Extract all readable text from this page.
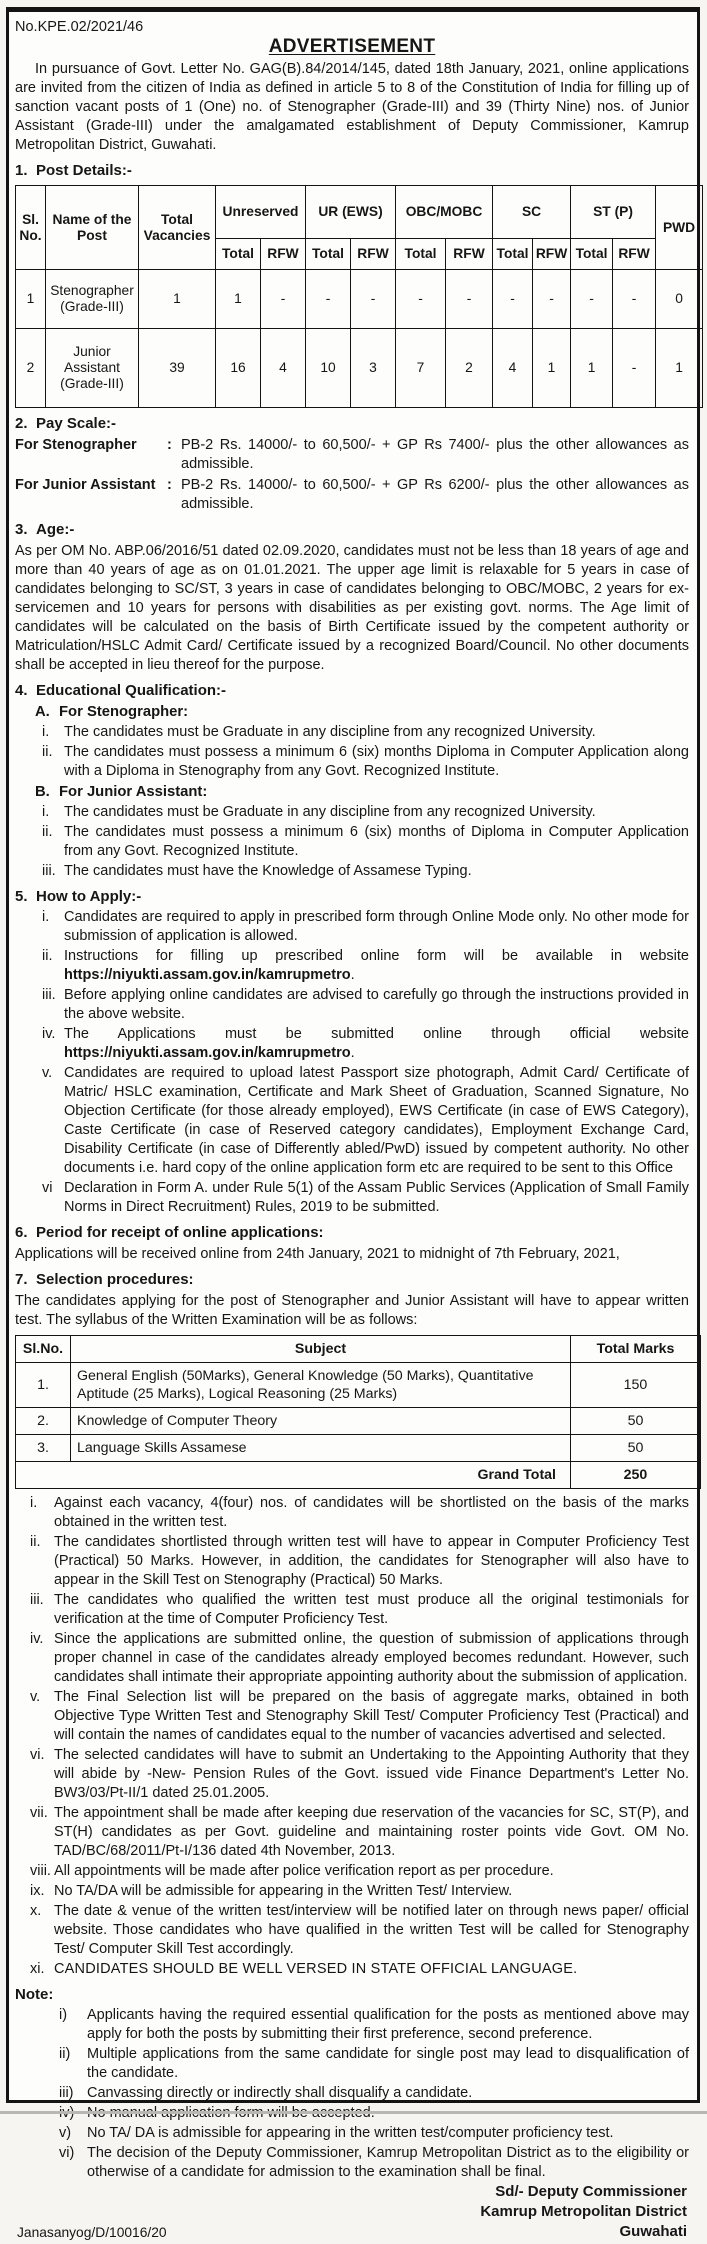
No.KPE.02/2021/46
ADVERTISEMENT

In pursuance of Govt. Letter No. GAG(B).84/2014/145, dated 18th January, 2021, online applications are invited from the citizen of India as defined in article 5 to 8 of the Constitution of India for filling up of sanction vacant posts of 1 (One) no. of Stenographer (Grade-III) and 39 (Thirty Nine) nos. of Junior Assistant (Grade-III) under the amalgamated establishment of Deputy Commissioner, Kamrup Metropolitan District, Guwahati.

1. Post Details:-
Sl. No.	Name of the Post	Total Vacancies	Unreserved		UR (EWS)		OBC/MOBC		SC		ST (P)		PWD
			Total	RFW	Total	RFW	Total	RFW	Total	RFW	Total	RFW	
1	Stenographer (Grade-III)	1	1	-	-	-	-	-	-	-	-	-	0
2	Junior Assistant (Grade-III)	39	16	4	10	3	7	2	4	1	1	-	1
2. Pay Scale:-
For Stenographer	: PB-2 Rs. 14000/- to 60,500/- + GP Rs 7400/- plus the other allowances as admissible.
For Junior Assistant : PB-2 Rs. 14000/- to 60,500/- + GP Rs 6200/- plus the other allowances as admissible.
3. Age:-

As per OM No. ABP.06/2016/51 dated 02.09.2020, candidates must not be less than 18 years of age and more than 40 years of age as on 01.01.2021. The upper age limit is relaxable for 5 years in case of candidates belonging to SC/ST, 3 years in case of candidates belonging to OBC/MOBC, 2 years for ex-servicemen and 10 years for persons with disabilities as per existing govt. norms. The Age limit of candidates will be calculated on the basis of Birth Certificate issued by the competent authority or Matriculation/HSLC Admit Card/ Certificate issued by a recognized Board/Council. No other documents shall be accepted in lieu thereof for the purpose.

4. Educational Qualification:-
A. For Stenographer:
i.	The candidates must be Graduate in any discipline from any recognized University.
ii. The candidates must possess a minimum 6 (six) months Diploma in Computer Application along with a Diploma in Stenography from any Govt. Recognized Institute.
B. For Junior Assistant:
i.	The candidates must be Graduate in any discipline from any recognized University.
ii. The candidates must possess a minimum 6 (six) months of Diploma in Computer Application from any Govt. Recognized Institute.
iii. The candidates must have the Knowledge of Assamese Typing.
5. How to Apply:-
i.	Candidates are required to apply in prescribed form through Online Mode only. No other mode for submission of application is allowed.
ii. Instructions for filling up prescribed online form will be available in website https://niyukti.assam.gov.in/kamrupmetro.
iii. Before applying online candidates are advised to carefully go through the instructions provided in the above website.
iv. The Applications must be submitted online through official website https://niyukti.assam.gov.in/kamrupmetro.
v. Candidates are required to upload latest Passport size photograph, Admit Card/ Certificate of Matric/ HSLC examination, Certificate and Mark Sheet of Graduation, Scanned Signature, No Objection Certificate (for those already employed), EWS Certificate (in case of EWS Category), Caste Certificate (in case of Reserved category candidates), Employment Exchange Card, Disability Certificate (in case of Differently abled/PwD) issued by competent authority. No other documents i.e. hard copy of the online application form etc are required to be sent to this Office
vi Declaration in Form A. under Rule 5(1) of the Assam Public Services (Application of Small Family Norms in Direct Recruitment) Rules, 2019 to be submitted.
6. Period for receipt of online applications:

Applications will be received online from 24th January, 2021 to midnight of 7th February, 2021,

7. Selection procedures:

The candidates applying for the post of Stenographer and Junior Assistant will have to appear written test. The syllabus of the Written Examination will be as follows:

Sl.No.	Subject	Total Marks
1.	General English (50Marks), General Knowledge (50 Marks), Quantitative Aptitude (25 Marks), Logical Reasoning (25 Marks)	150
2.	Knowledge of Computer Theory	50
3.	Language Skills Assamese	50
Grand Total		250
i.	Against each vacancy, 4(four) nos. of candidates will be shortlisted on the basis of the marks obtained in the written test.
ii. The candidates shortlisted through written test will have to appear in Computer Proficiency Test (Practical) 50 Marks. However, in addition, the candidates for Stenographer will also have to appear in the Skill Test on Stenography (Practical) 50 Marks.
iii. The candidates who qualified the written test must produce all the original testimonials for verification at the time of Computer Proficiency Test.
iv. Since the applications are submitted online, the question of submission of applications through proper channel in case of the candidates already employed becomes redundant. However, such candidates shall intimate their appropriate appointing authority about the submission of application.
v. The Final Selection list will be prepared on the basis of aggregate marks, obtained in both Objective Type Written Test and Stenography Skill Test/ Computer Proficiency Test (Practical) and will contain the names of candidates equal to the number of vacancies advertised and selected.
vi. The selected candidates will have to submit an Undertaking to the Appointing Authority that they will abide by -New- Pension Rules of the Govt. issued vide Finance Department's Letter No. BW3/03/Pt-II/1 dated 25.01.2005.
vii. The appointment shall be made after keeping due reservation of the vacancies for SC, ST(P), and ST(H) candidates as per Govt. guideline and maintaining roster points vide Govt. OM No. TAD/BC/68/2011/Pt-I/136 dated 4th November, 2013.
viii. All appointments will be made after police verification report as per procedure.
ix. No TA/DA will be admissible for appearing in the Written Test/ Interview.
x. The date & venue of the written test/interview will be notified later on through news paper/ official website. Those candidates who have qualified in the written Test will be called for Stenography Test/ Computer Skill Test accordingly.
xi. CANDIDATES SHOULD BE WELL VERSED IN STATE OFFICIAL LANGUAGE.
Note:
i)	Applicants having the required essential qualification for the posts as mentioned above may apply for both the posts by submitting their first preference, second preference.
ii)	Multiple applications from the same candidate for single post may lead to disqualification of the candidate.
iii) Canvassing directly or indirectly shall disqualify a candidate.
v)	No TA/ DA is admissible for appearing in the written test/computer proficiency test.
vi) The decision of the Deputy Commissioner, Kamrup Metropolitan District as to the eligibility or otherwise of a candidate for admission to the examination shall be final.
Janasanyog/D/10016/20
Sd/- Deputy Commissioner
Kamrup Metropolitan District
Guwahati
